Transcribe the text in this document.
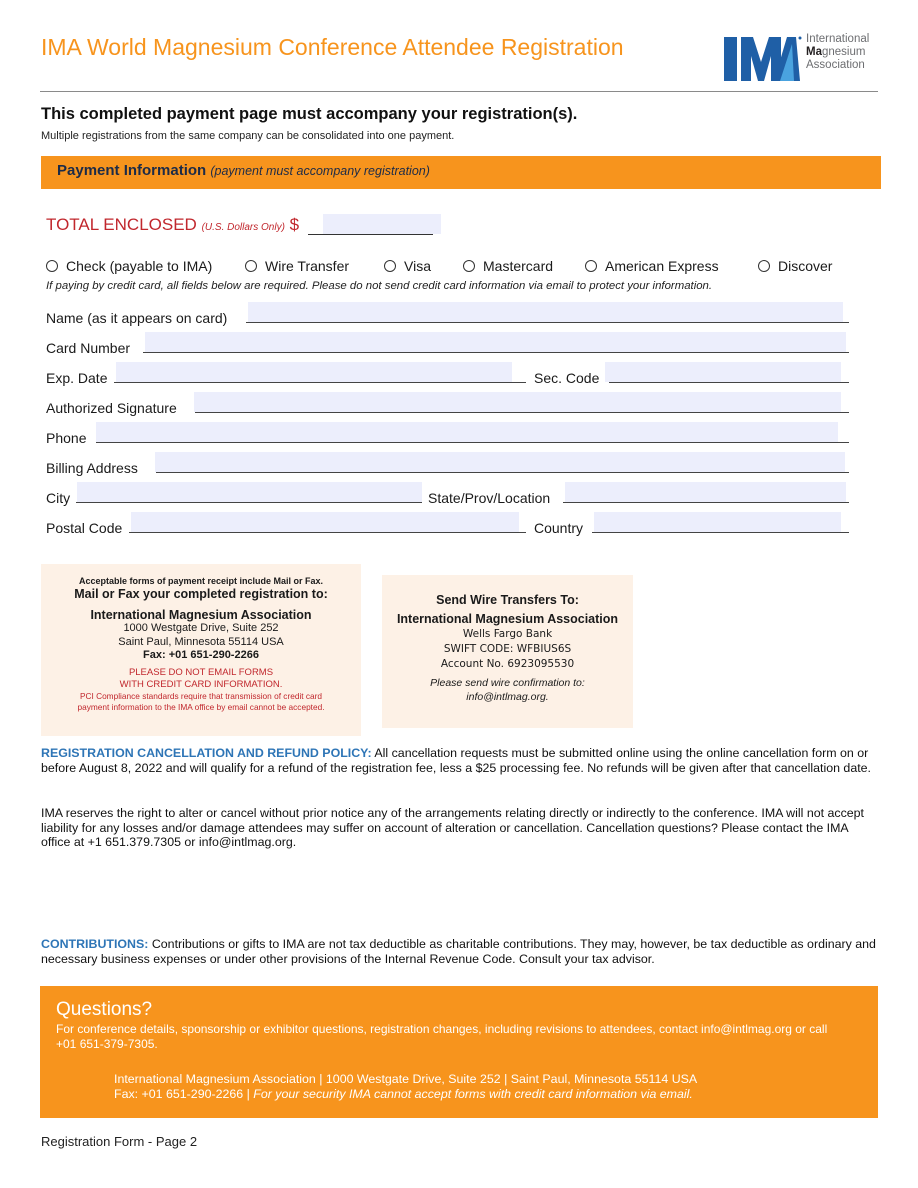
IMA World Magnesium Conference Attendee Registration	International
Magnesium
Association
This completed payment page must accompany your registration(s).
Multiple registrations from the same company can be consolidated into one payment.
Payment Information (payment must accompany registration)
TOTAL ENCLOSED (U.S. Dollars Only) $
Check (payable to IMA)	Wire Transfer	Visa	Mastercard	American Express	Discover
If paying by credit card, all fields below are required. Please do not send credit card information via email to protect your information.
Name (as it appears on card)
Card Number
Exp. Date	Sec. Code
Authorized Signature
Phone
Billing Address
City	State/Prov/Location
Postal Code	Country
Acceptable forms of payment receipt include Mail or Fax.
Mail or Fax your completed registration to:
International Magnesium Association
1000 Westgate Drive, Suite 252
Saint Paul, Minnesota 55114 USA
Fax: +01 651-290-2266
PLEASE DO NOT EMAIL FORMS
WITH CREDIT CARD INFORMATION.
PCI Compliance standards require that transmission of credit card
payment information to the IMA office by email cannot be accepted.
Send Wire Transfers To:
International Magnesium Association
Wells Fargo Bank
SWIFT CODE: WFBIUS6S
Account No. 6923095530
Please send wire confirmation to:
info@intlmag.org.
REGISTRATION CANCELLATION AND REFUND POLICY: All cancellation requests must be submitted online using the online cancellation form on or before August 8, 2022 and will qualify for a refund of the registration fee, less a $25 processing fee. No refunds will be given after that cancellation date.
IMA reserves the right to alter or cancel without prior notice any of the arrangements relating directly or indirectly to the conference. IMA will not accept liability for any losses and/or damage attendees may suffer on account of alteration or cancellation. Cancellation questions? Please contact the IMA office at +1 651.379.7305 or info@intlmag.org.
CONTRIBUTIONS: Contributions or gifts to IMA are not tax deductible as charitable contributions. They may, however, be tax deductible as ordinary and necessary business expenses or under other provisions of the Internal Revenue Code. Consult your tax advisor.
Questions?
For conference details, sponsorship or exhibitor questions, registration changes, including revisions to attendees, contact info@intlmag.org or call +01 651-379-7305.
International Magnesium Association | 1000 Westgate Drive, Suite 252 | Saint Paul, Minnesota 55114 USA
Fax: +01 651-290-2266 | For your security IMA cannot accept forms with credit card information via email.
Registration Form - Page 2
